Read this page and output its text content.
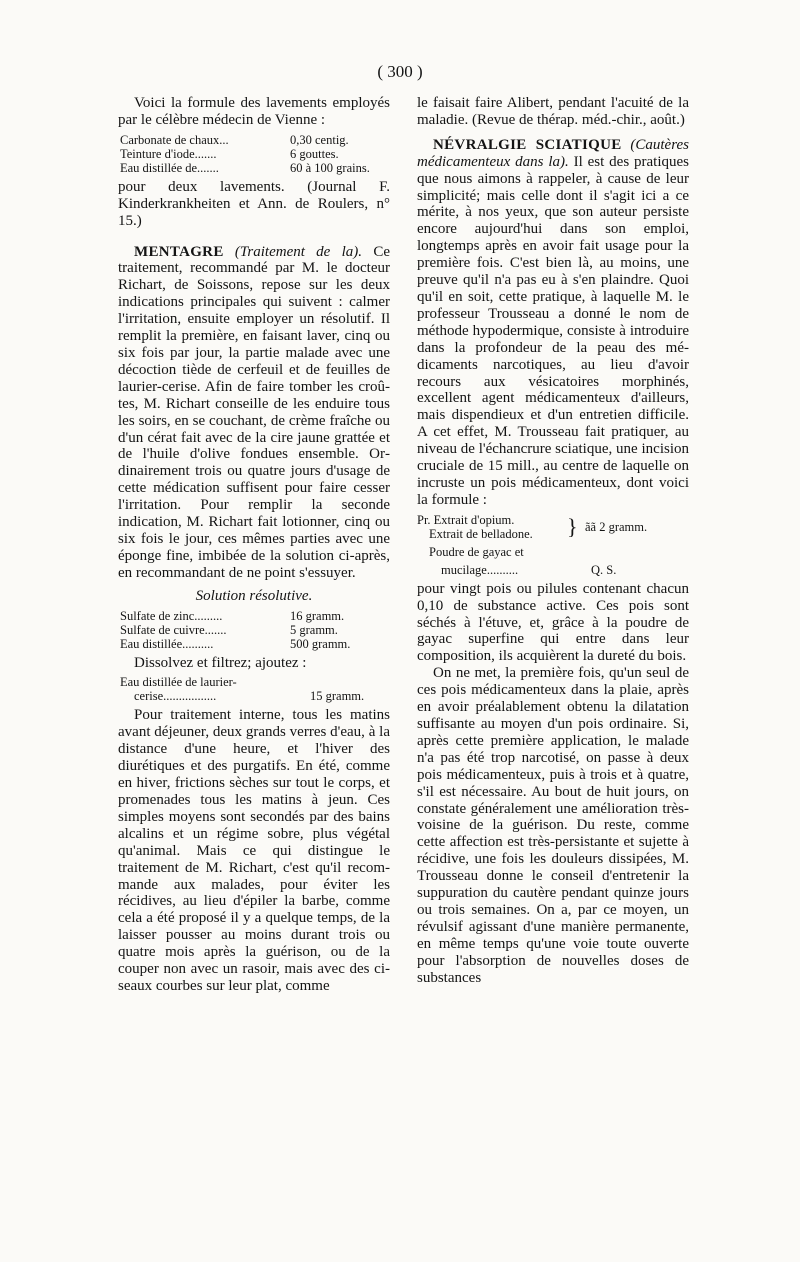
( 300 )

Voici la formule des lavements employés par le célèbre médecin de Vienne :

Carbonate de chaux...	0,30 centig.
Teinture d'iode.......	6 gouttes.
Eau distillée de.......	60 à 100 grains.

pour deux lavements. (Journal F. Kinderkrankheiten et Ann. de Roulers, n° 15.)

MENTAGRE (Traitement de la). Ce traitement, recommandé par M. le docteur Richart, de Soissons, repose sur les deux indications principales qui suivent : calmer l'irritation, ensuite employer un résolutif. Il remplit la première, en faisant laver, cinq ou six fois par jour, la partie malade avec une décoction tiède de cerfeuil et de feuilles de laurier-cerise. Afin de faire tomber les croûtes, M. Richart conseille de les enduire tous les soirs, en se couchant, de crème fraîche ou d'un cérat fait avec de la cire jaune grattée et de l'huile d'olive fondues ensemble. Ordinairement trois ou quatre jours d'usage de cette médication suffisent pour faire cesser l'irritation. Pour remplir la seconde indication, M. Richart fait lotionner, cinq ou six fois le jour, ces mêmes parties avec une éponge fine, imbibée de la solution ci-après, en recommandant de ne point s'essuyer.

Solution résolutive.
Sulfate de zinc.........	16 gramm.
Sulfate de cuivre.......	5 gramm.
Eau distillée..........	500 gramm.

Dissolvez et filtrez; ajoutez :

Eau distillée de laurier-
cerise.................	15 gramm.

Pour traitement interne, tous les matins avant déjeuner, deux grands verres d'eau, à la distance d'une heure, et l'hiver des diurétiques et des purgatifs. En été, comme en hiver, frictions sèches sur tout le corps, et promenades tous les matins à jeun. Ces simples moyens sont secondés par des bains alcalins et un régime sobre, plus végétal qu'animal. Mais ce qui distingue le traitement de M. Richart, c'est qu'il recommande aux malades, pour éviter les récidives, au lieu d'épiler la barbe, comme cela a été proposé il y a quelque temps, de la laisser pousser au moins durant trois ou quatre mois après la guérison, ou de la couper non avec un rasoir, mais avec des ciseaux courbes sur leur plat, comme

le faisait faire Alibert, pendant l'acuité de la maladie. (Revue de thérap. méd.-chir., août.)

NÉVRALGIE SCIATIQUE (Cautères médicamenteux dans la). Il est des pratiques que nous aimons à rappeler, à cause de leur simplicité; mais celle dont il s'agit ici a ce mérite, à nos yeux, que son auteur persiste encore aujourd'hui dans son emploi, longtemps après en avoir fait usage pour la première fois. C'est bien là, au moins, une preuve qu'il n'a pas eu à s'en plaindre. Quoi qu'il en soit, cette pratique, à laquelle M. le professeur Trousseau a donné le nom de méthode hypodermique, consiste à introduire dans la profondeur de la peau des médicaments narcotiques, au lieu d'avoir recours aux vésicatoires morphinés, excellent agent médicamenteux d'ailleurs, mais dispendieux et d'un entretien difficile. A cet effet, M. Trousseau fait pratiquer, au niveau de l'échancrure sciatique, une incision cruciale de 15 mill., au centre de laquelle on incruste un pois médicamenteux, dont voici la formule :

Pr. Extrait d'opium.
Extrait de belladone.	} ãã 2 gramm.
Poudre de gayac et
mucilage..........	Q. S.

pour vingt pois ou pilules contenant chacun 0,10 de substance active. Ces pois sont séchés à l'étuve, et, grâce à la poudre de gayac superfine qui entre dans leur composition, ils acquièrent la dureté du bois.

On ne met, la première fois, qu'un seul de ces pois médicamenteux dans la plaie, après en avoir préalablement obtenu la dilatation suffisante au moyen d'un pois ordinaire. Si, après cette première application, le malade n'a pas été trop narcotisé, on passe à deux pois médicamenteux, puis à trois et à quatre, s'il est nécessaire. Au bout de huit jours, on constate généralement une amélioration très-voisine de la guérison. Du reste, comme cette affection est très-persistante et sujette à récidive, une fois les douleurs dissipées, M. Trousseau donne le conseil d'entretenir la suppuration du cautère pendant quinze jours ou trois semaines. On a, par ce moyen, un révulsif agissant d'une manière permanente, en même temps qu'une voie toute ouverte pour l'absorption de nouvelles doses de substances
